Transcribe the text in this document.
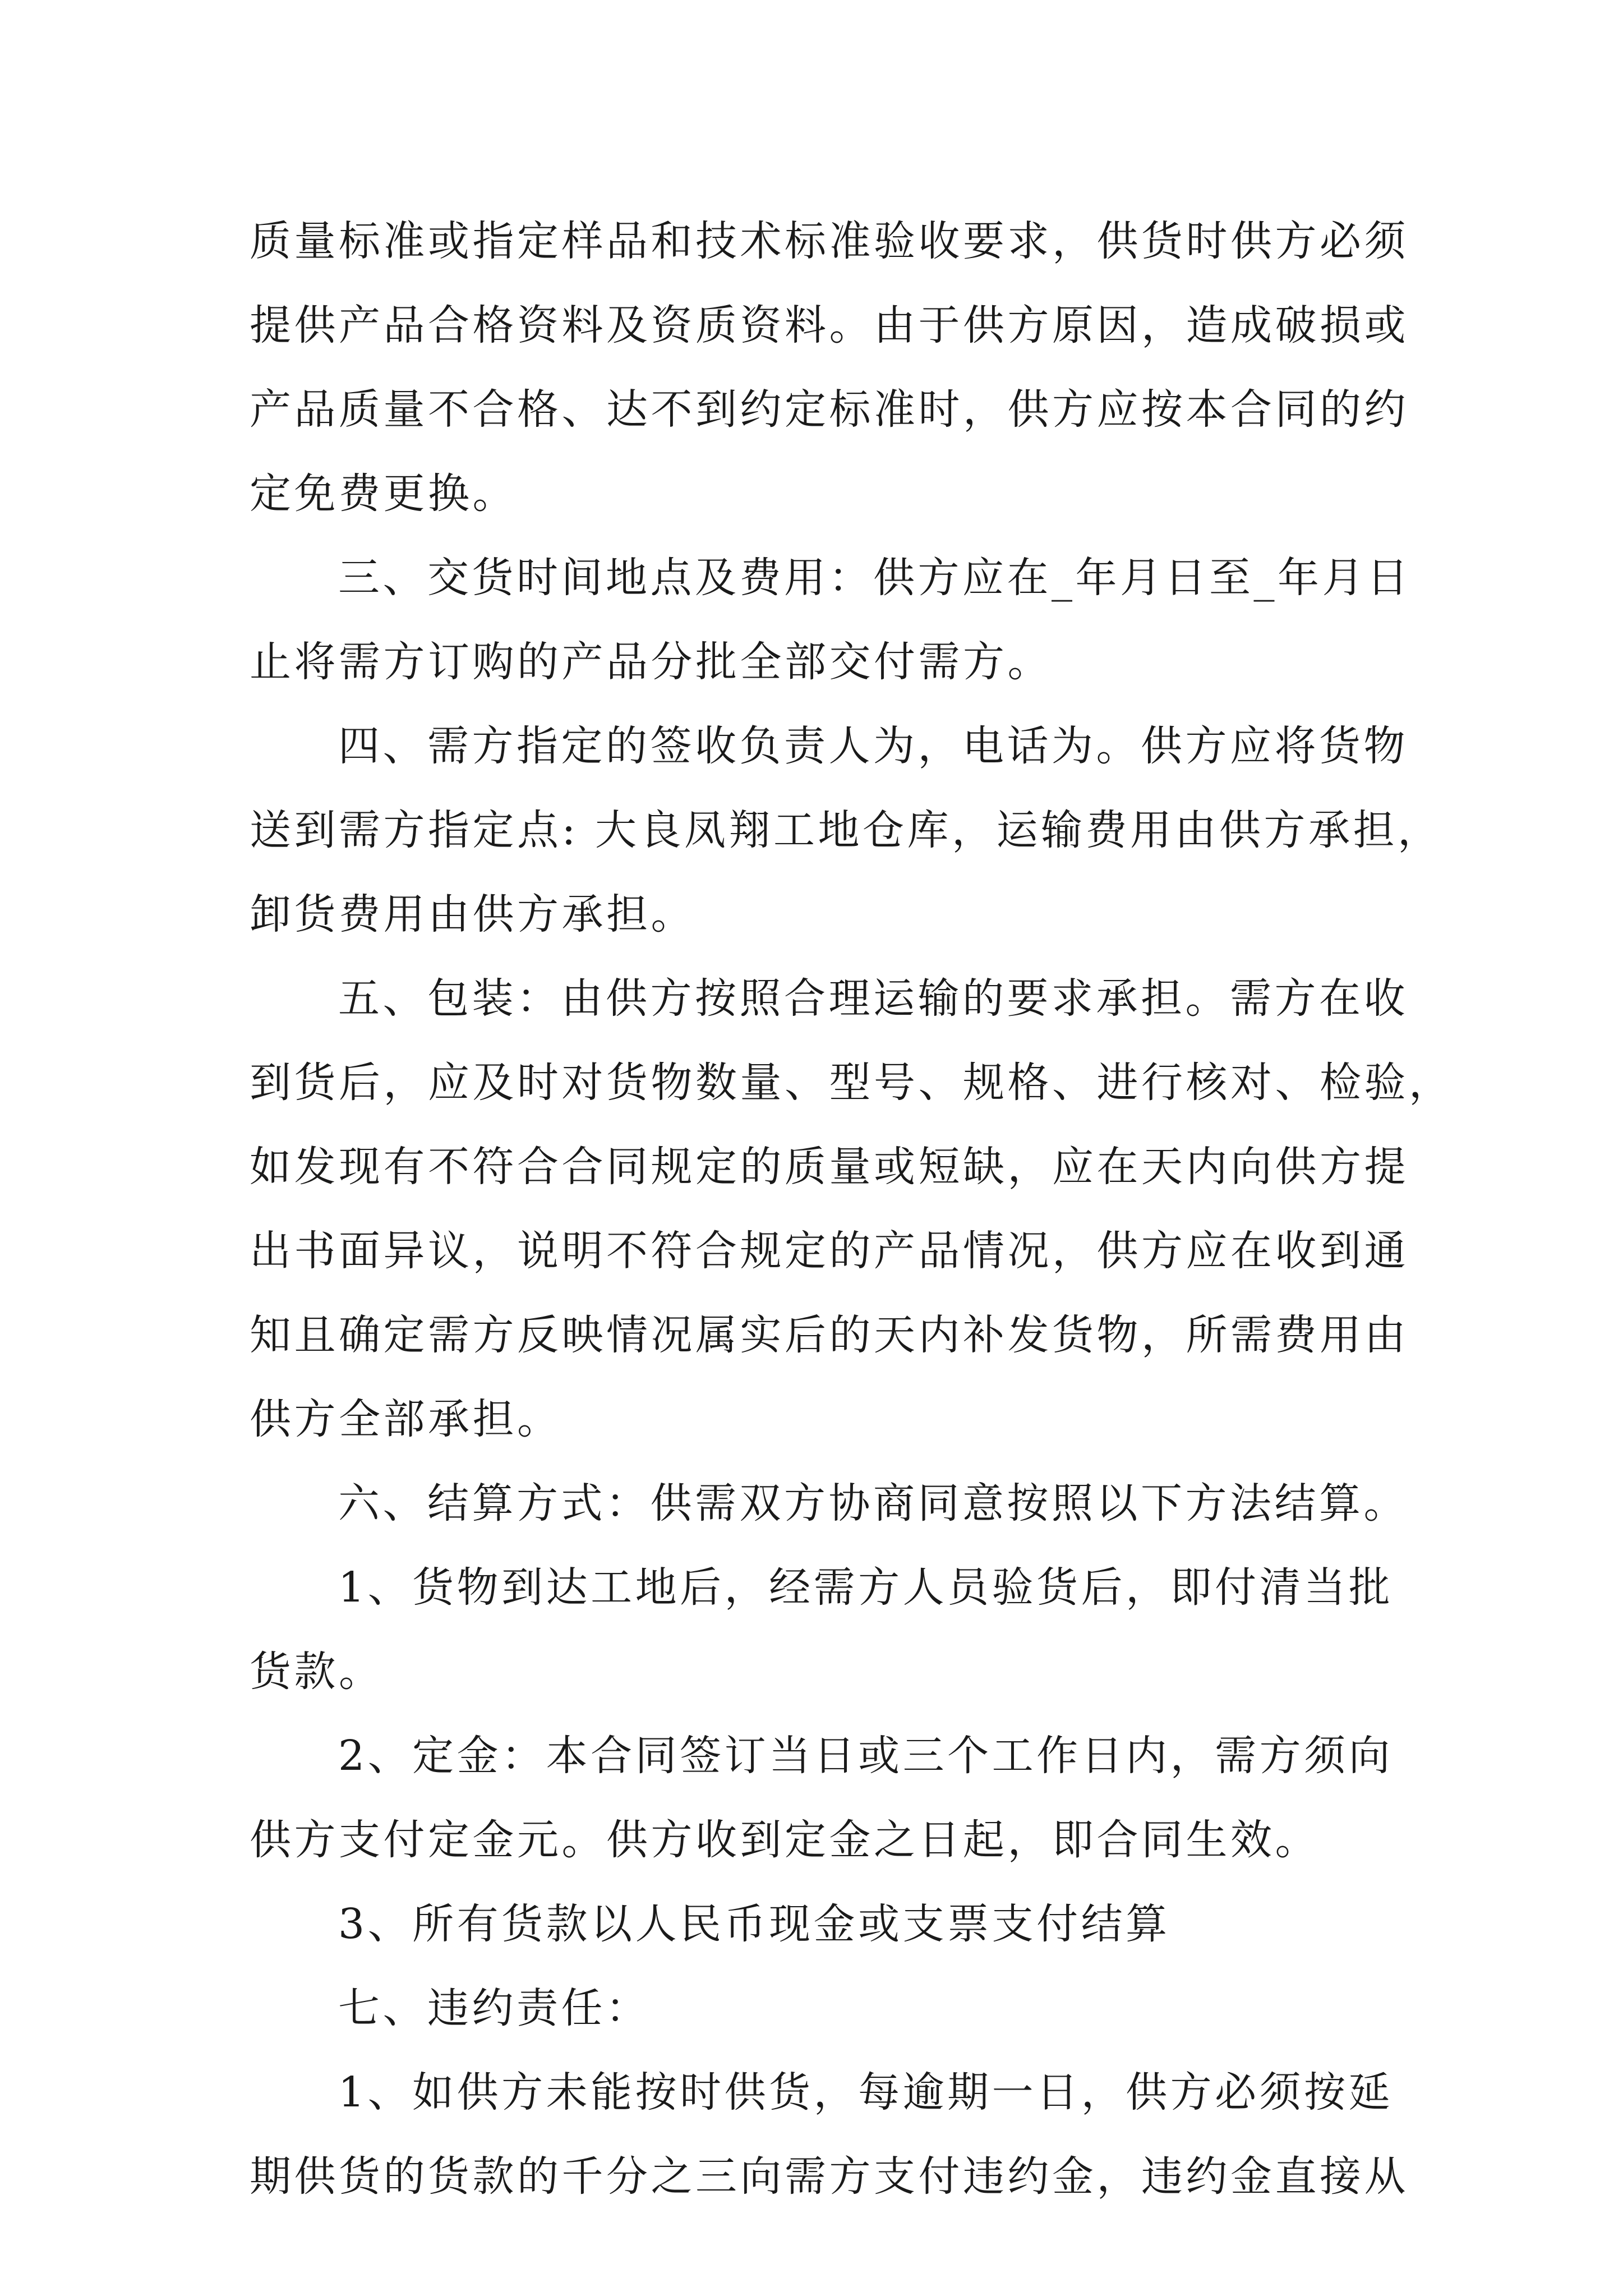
质量标准或指定样品和技术标准验收要求，供货时供方必须
提供产品合格资料及资质资料。由于供方原因，造成破损或
产品质量不合格、达不到约定标准时，供方应按本合同的约
定免费更换。
三、交货时间地点及费用：供方应在_年月日至_年月日
止将需方订购的产品分批全部交付需方。
四、需方指定的签收负责人为，电话为。供方应将货物
送到需方指定点: 大良凤翔工地仓库，运输费用由供方承担，
卸货费用由供方承担。
五、包装：由供方按照合理运输的要求承担。需方在收
到货后，应及时对货物数量、型号、规格、进行核对、检验，
如发现有不符合合同规定的质量或短缺，应在天内向供方提
出书面异议，说明不符合规定的产品情况，供方应在收到通
知且确定需方反映情况属实后的天内补发货物，所需费用由
供方全部承担。
六、结算方式：供需双方协商同意按照以下方法结算。
1、货物到达工地后，经需方人员验货后，即付清当批
货款。
2、定金：本合同签订当日或三个工作日内，需方须向
供方支付定金元。供方收到定金之日起，即合同生效。
3、所有货款以人民币现金或支票支付结算
七、违约责任：
1、如供方未能按时供货，每逾期一日，供方必须按延
期供货的货款的千分之三向需方支付违约金，违约金直接从
